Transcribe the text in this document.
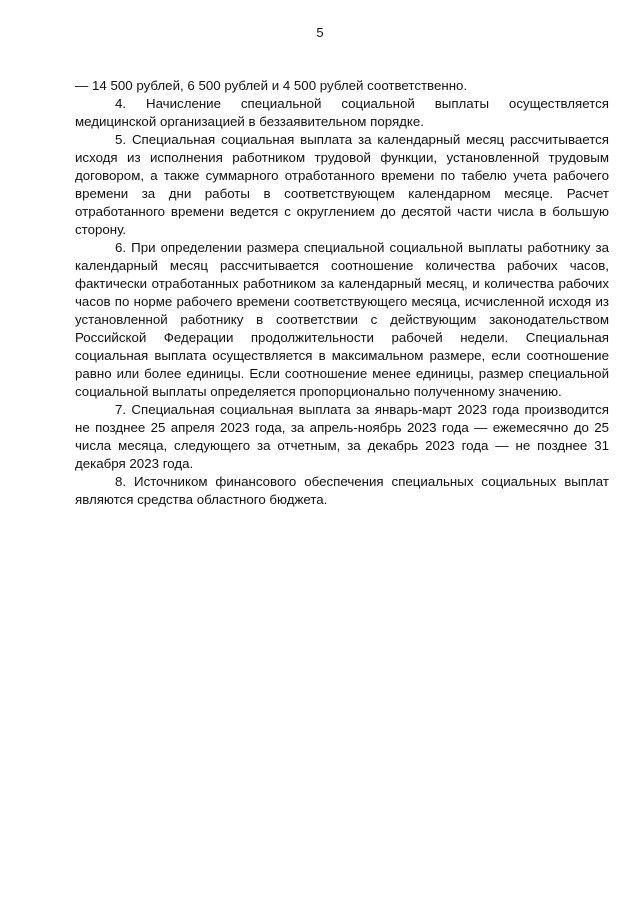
5

— 14 500 рублей, 6 500 рублей и 4 500 рублей соответственно.

4. Начисление специальной социальной выплаты осуществляется медицинской организацией в беззаявительном порядке.

5. Специальная социальная выплата за календарный месяц рассчитывается исходя из исполнения работником трудовой функции, установленной трудовым договором, а также суммарного отработанного времени по табелю учета рабочего времени за дни работы в соответствующем календарном месяце. Расчет отработанного времени ведется с округлением до десятой части числа в большую сторону.

6. При определении размера специальной социальной выплаты работнику за календарный месяц рассчитывается соотношение количества рабочих часов, фактически отработанных работником за календарный месяц, и количества рабочих часов по норме рабочего времени соответствующего месяца, исчисленной исходя из установленной работнику в соответствии с действующим законодательством Российской Федерации продолжительности рабочей недели. Специальная социальная выплата осуществляется в максимальном размере, если соотношение равно или более единицы. Если соотношение менее единицы, размер специальной социальной выплаты определяется пропорционально полученному значению.

7. Специальная социальная выплата за январь-март 2023 года производится не позднее 25 апреля 2023 года, за апрель-ноябрь 2023 года — ежемесячно до 25 числа месяца, следующего за отчетным, за декабрь 2023 года — не позднее 31 декабря 2023 года.

8. Источником финансового обеспечения специальных социальных выплат являются средства областного бюджета.
